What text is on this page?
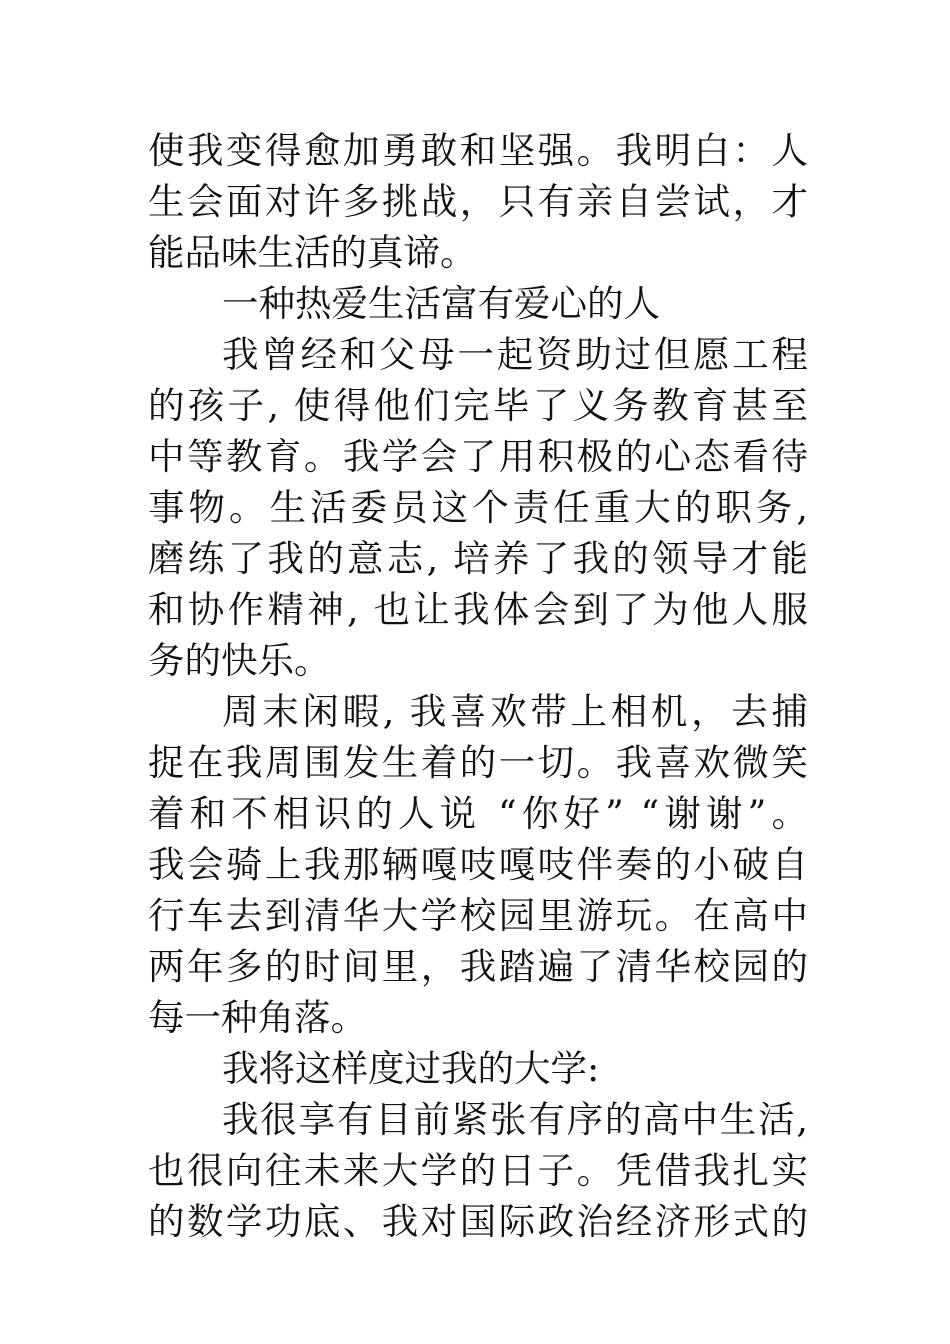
使我变得愈加勇敢和坚强。我明白：人
生会面对许多挑战，只有亲自尝试，才
能品味生活的真谛。
一种热爱生活富有爱心的人
我曾经和父母一起资助过但愿工程
的孩子, 使得他们完毕了义务教育甚至
中等教育。我学会了用积极的心态看待
事物。生活委员这个责任重大的职务,
磨练了我的意志, 培养了我的领导才能
和协作精神, 也让我体会到了为他人服
务的快乐。
周末闲暇, 我喜欢带上相机，去捕
捉在我周围发生着的一切。我喜欢微笑
着和不相识的人说 “你好” “谢谢”。
我会骑上我那辆嘎吱嘎吱伴奏的小破自
行车去到清华大学校园里游玩。在高中
两年多的时间里，我踏遍了清华校园的
每一种角落。
我将这样度过我的大学:
我很享有目前紧张有序的高中生活,
也很向往未来大学的日子。凭借我扎实
的数学功底、我对国际政治经济形式的
